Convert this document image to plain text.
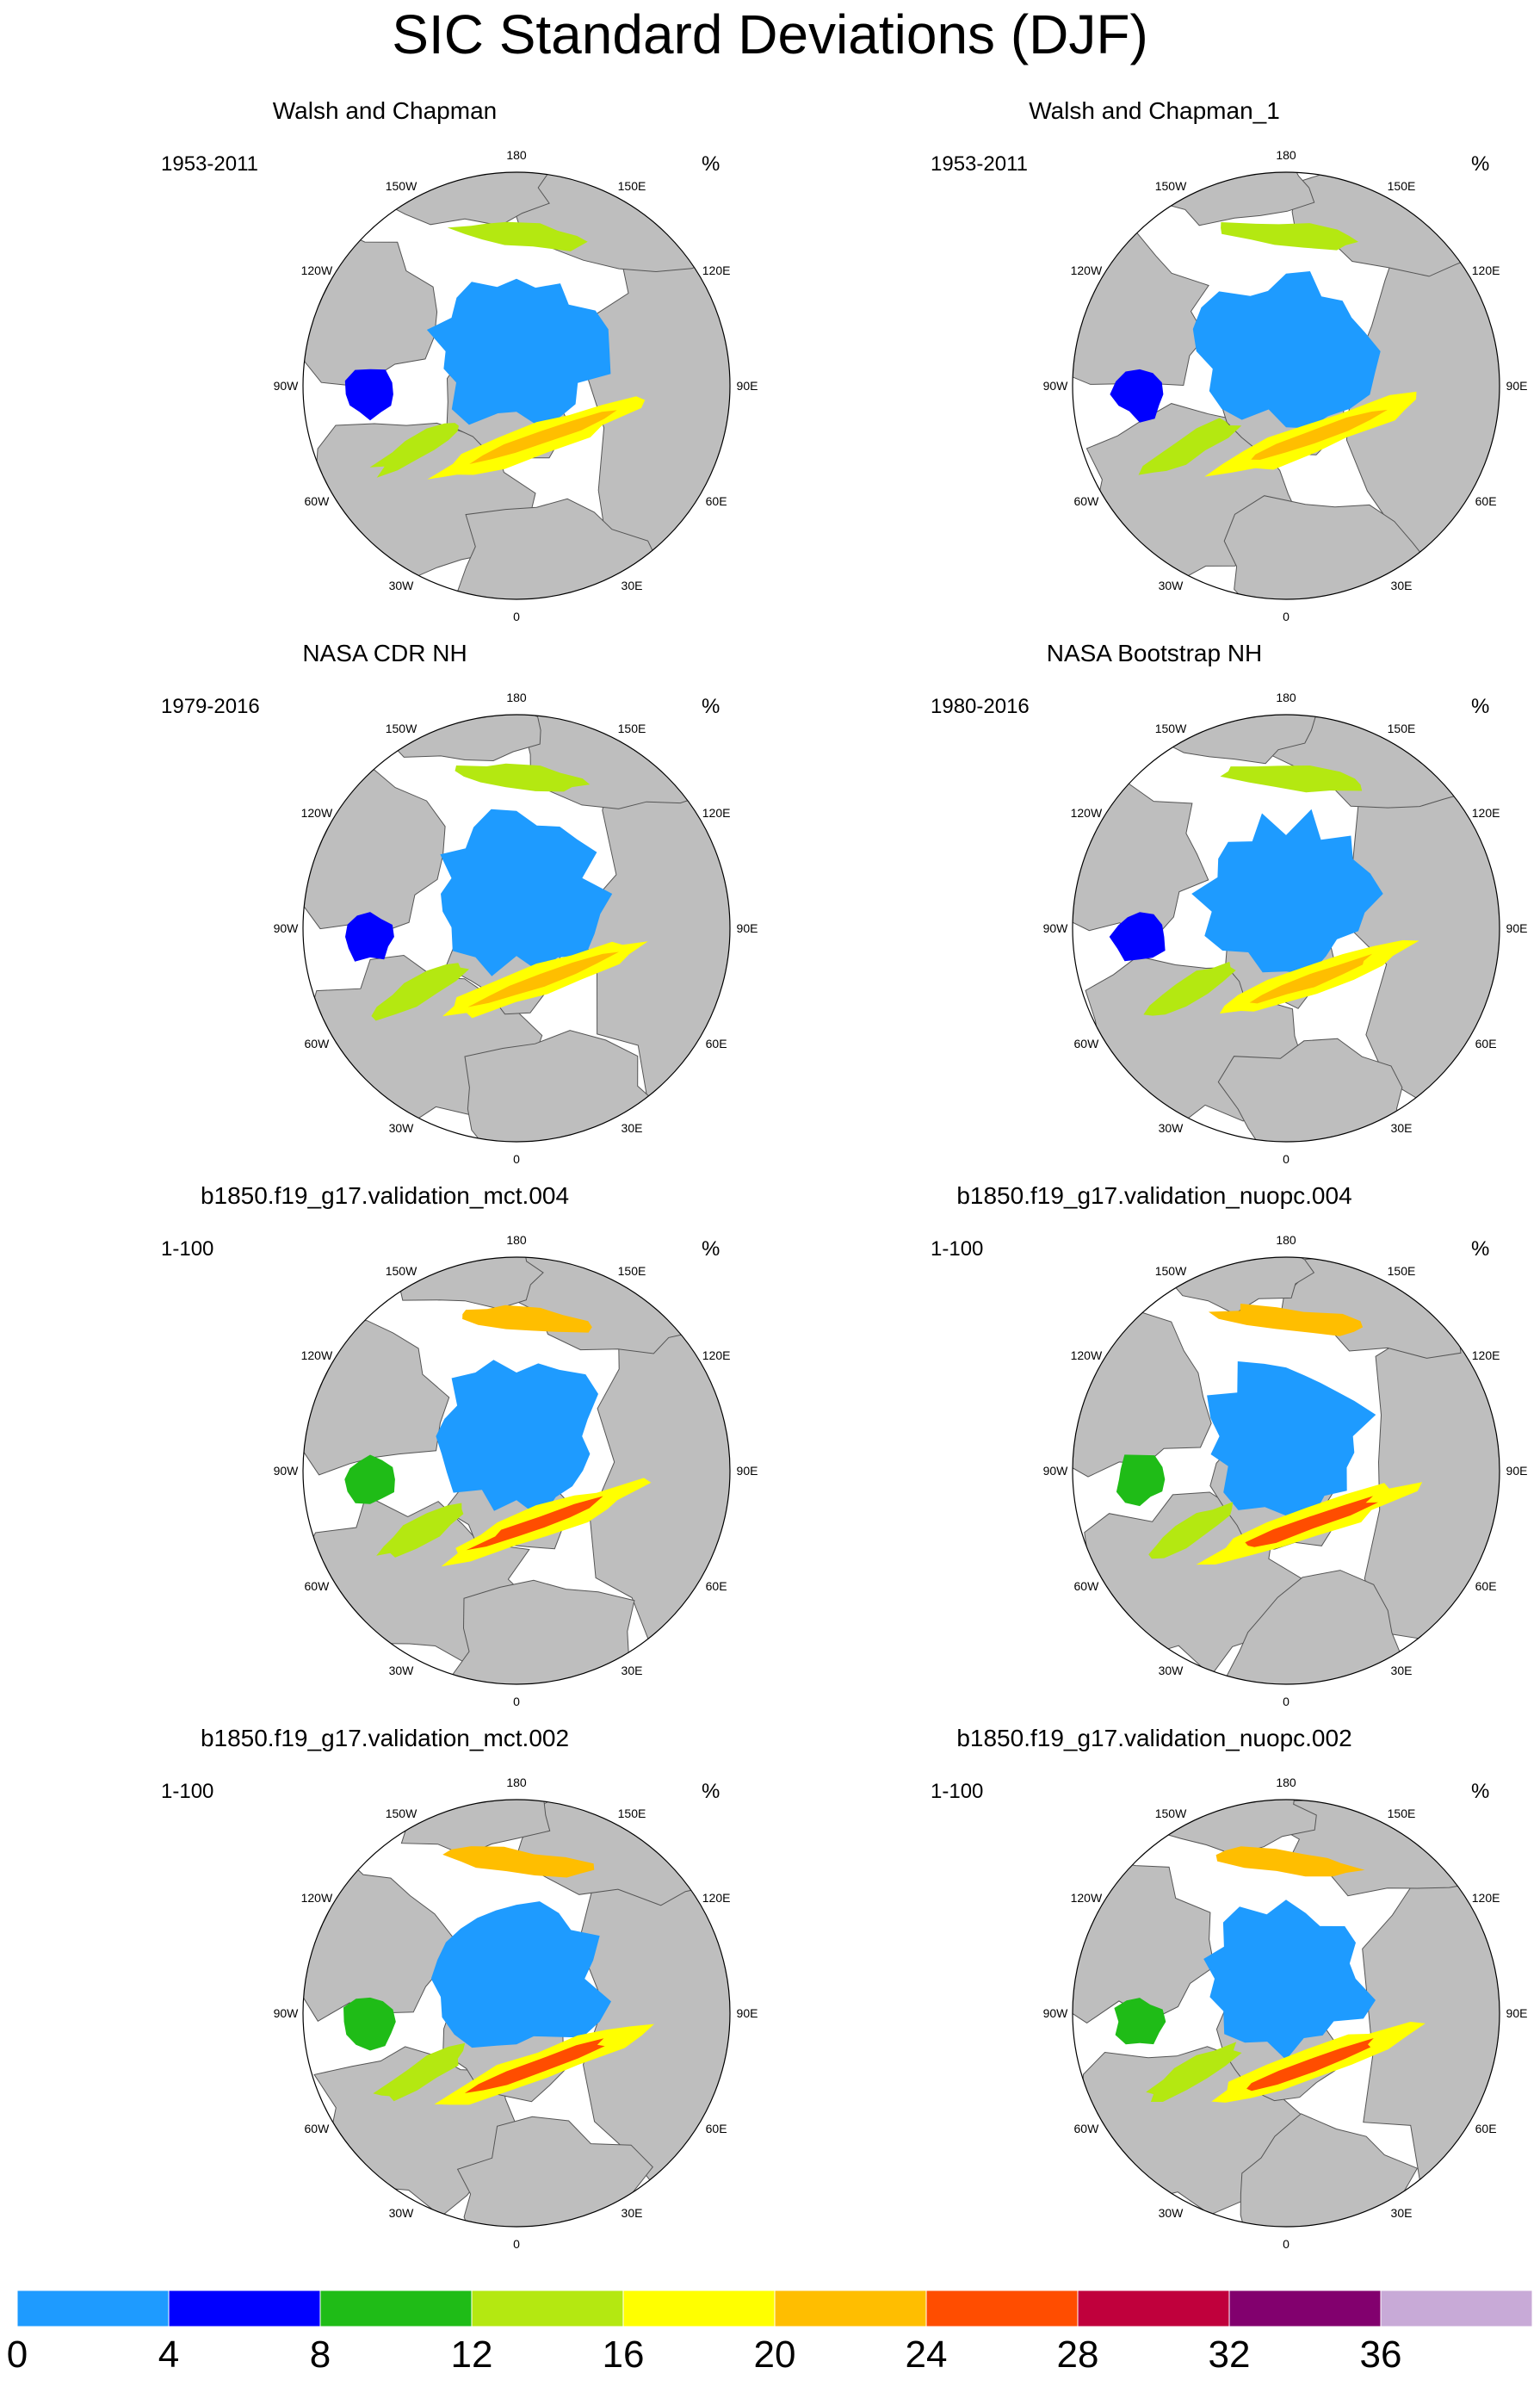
SIC Standard Deviations (DJF)
Walsh and Chapman
1953-2011	%
180
150E
120E
90E
60E
30E
0
30W
60W
90W
120W
150W
Walsh and Chapman_1
1953-2011	%
180
150E
120E
90E
60E
30E
0
30W
60W
90W
120W
150W
NASA CDR NH
1979-2016	%
180
150E
120E
90E
60E
30E
0
30W
60W
90W
120W
150W
NASA Bootstrap NH
1980-2016	%
180
150E
120E
90E
60E
30E
0
30W
60W
90W
120W
150W
b1850.f19_g17.validation_mct.004
1-100	%
180
150E
120E
90E
60E
30E
0
30W
60W
90W
120W
150W
b1850.f19_g17.validation_nuopc.004
1-100	%
180
150E
120E
90E
60E
30E
0
30W
60W
90W
120W
150W
b1850.f19_g17.validation_mct.002
1-100	%
180
150E
120E
90E
60E
30E
0
30W
60W
90W
120W
150W
b1850.f19_g17.validation_nuopc.002
1-100	%
180
150E
120E
90E
60E
30E
0
30W
60W
90W
120W
150W
0	4	8	12	16	20	24	28	32	36
